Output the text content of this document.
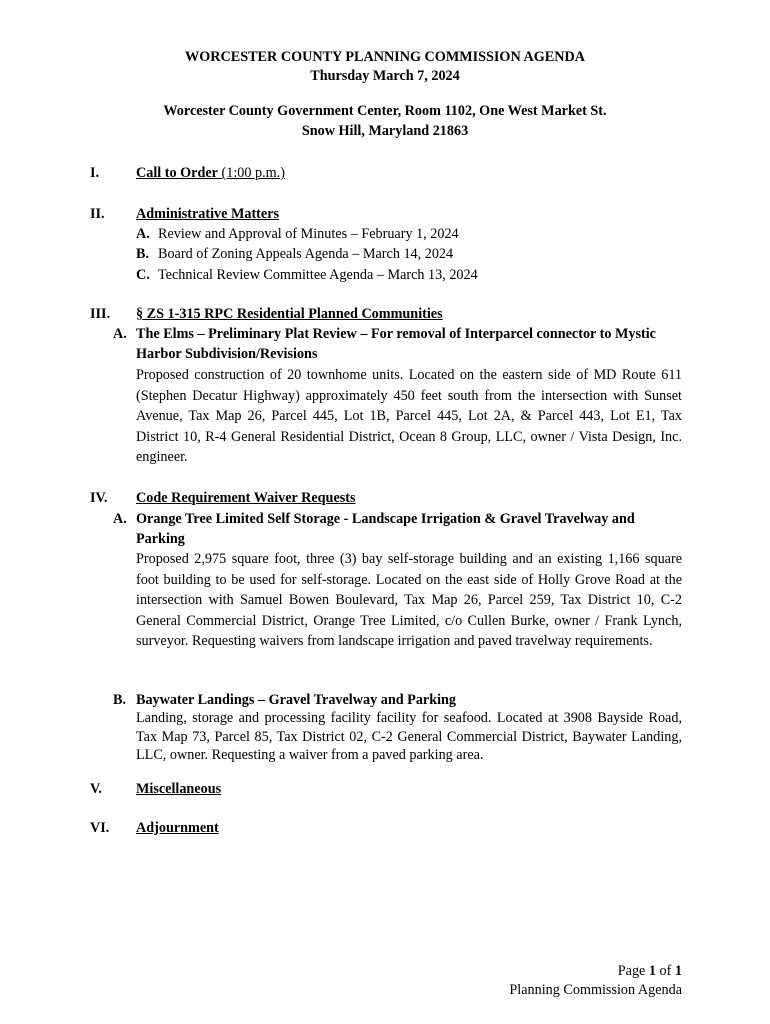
WORCESTER COUNTY PLANNING COMMISSION AGENDA
Thursday March 7, 2024
Worcester County Government Center, Room 1102, One West Market St.
Snow Hill, Maryland 21863
I.	Call to Order (1:00 p.m.)
II. Administrative Matters
A. Review and Approval of Minutes – February 1, 2024
B. Board of Zoning Appeals Agenda – March 14, 2024
C. Technical Review Committee Agenda – March 13, 2024
III. § ZS 1-315 RPC Residential Planned Communities
A. The Elms – Preliminary Plat Review – For removal of Interparcel connector to Mystic Harbor Subdivision/Revisions
Proposed construction of 20 townhome units. Located on the eastern side of MD Route 611 (Stephen Decatur Highway) approximately 450 feet south from the intersection with Sunset Avenue, Tax Map 26, Parcel 445, Lot 1B, Parcel 445, Lot 2A, & Parcel 443, Lot E1, Tax District 10, R-4 General Residential District, Ocean 8 Group, LLC, owner / Vista Design, Inc. engineer.
IV. Code Requirement Waiver Requests
A. Orange Tree Limited Self Storage - Landscape Irrigation & Gravel Travelway and Parking
Proposed 2,975 square foot, three (3) bay self-storage building and an existing 1,166 square foot building to be used for self-storage. Located on the east side of Holly Grove Road at the intersection with Samuel Bowen Boulevard, Tax Map 26, Parcel 259, Tax District 10, C-2 General Commercial District, Orange Tree Limited, c/o Cullen Burke, owner / Frank Lynch, surveyor. Requesting waivers from landscape irrigation and paved travelway requirements.
B. Baywater Landings – Gravel Travelway and Parking
Landing, storage and processing facility facility for seafood. Located at 3908 Bayside Road, Tax Map 73, Parcel 85, Tax District 02, C-2 General Commercial District, Baywater Landing, LLC, owner. Requesting a waiver from a paved parking area.
V. Miscellaneous
VI. Adjournment
Page 1 of 1
Planning Commission Agenda
